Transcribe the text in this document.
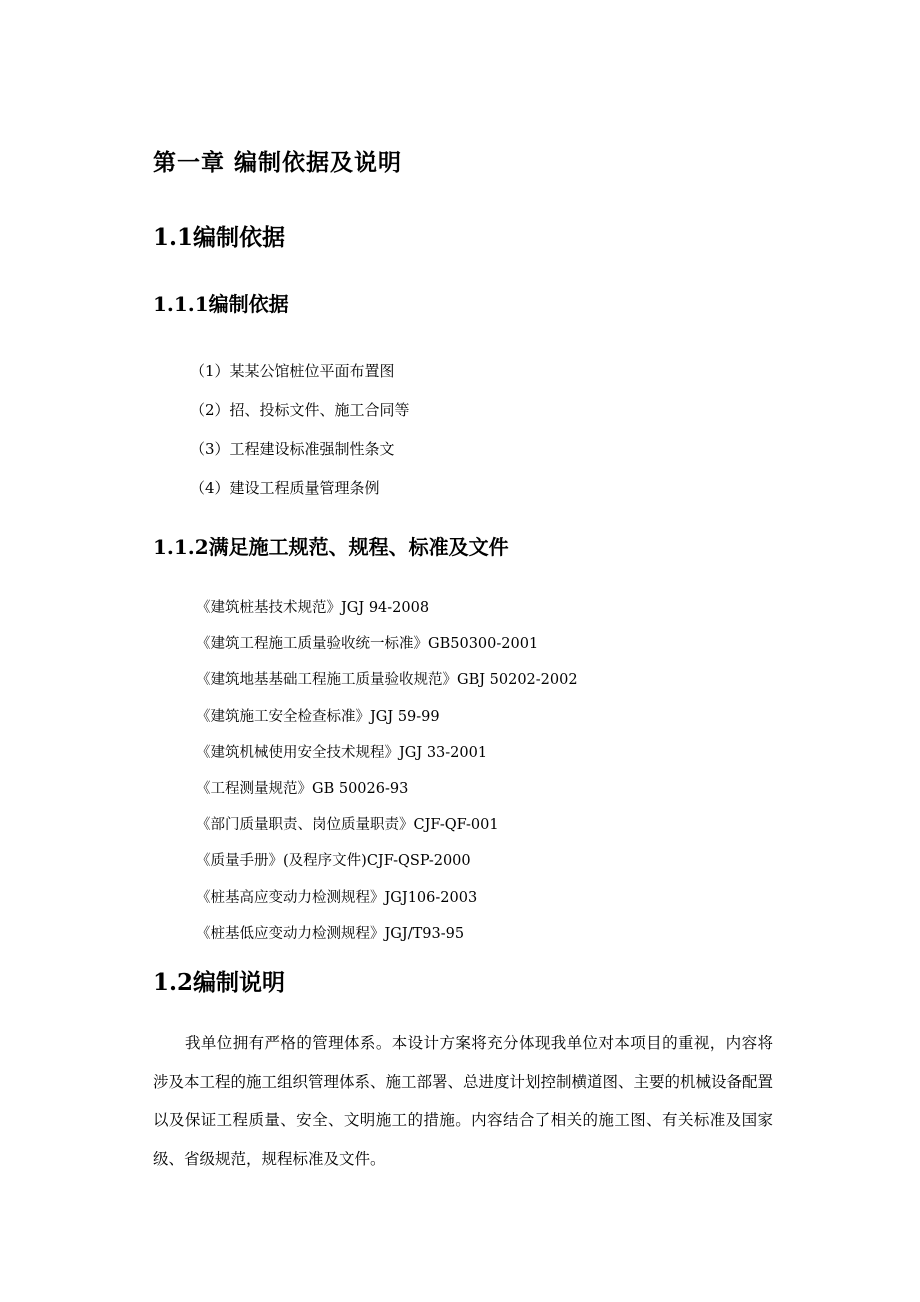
第一章 编制依据及说明
1.1编制依据
1.1.1编制依据
（1）某某公馆桩位平面布置图
（2）招、投标文件、施工合同等
（3）工程建设标准强制性条文
（4）建设工程质量管理条例
1.1.2满足施工规范、规程、标准及文件
《建筑桩基技术规范》JGJ 94-2008
《建筑工程施工质量验收统一标准》GB50300-2001
《建筑地基基础工程施工质量验收规范》GBJ 50202-2002
《建筑施工安全检查标准》JGJ 59-99
《建筑机械使用安全技术规程》JGJ 33-2001
《工程测量规范》GB 50026-93
《部门质量职责、岗位质量职责》CJF-QF-001
《质量手册》(及程序文件)CJF-QSP-2000
《桩基高应变动力检测规程》JGJ106-2003
《桩基低应变动力检测规程》JGJ/T93-95
1.2编制说明

我单位拥有严格的管理体系。本设计方案将充分体现我单位对本项目的重视，内容将涉及本工程的施工组织管理体系、施工部署、总进度计划控制横道图、主要的机械设备配置以及保证工程质量、安全、文明施工的措施。内容结合了相关的施工图、有关标准及国家级、省级规范，规程标准及文件。
